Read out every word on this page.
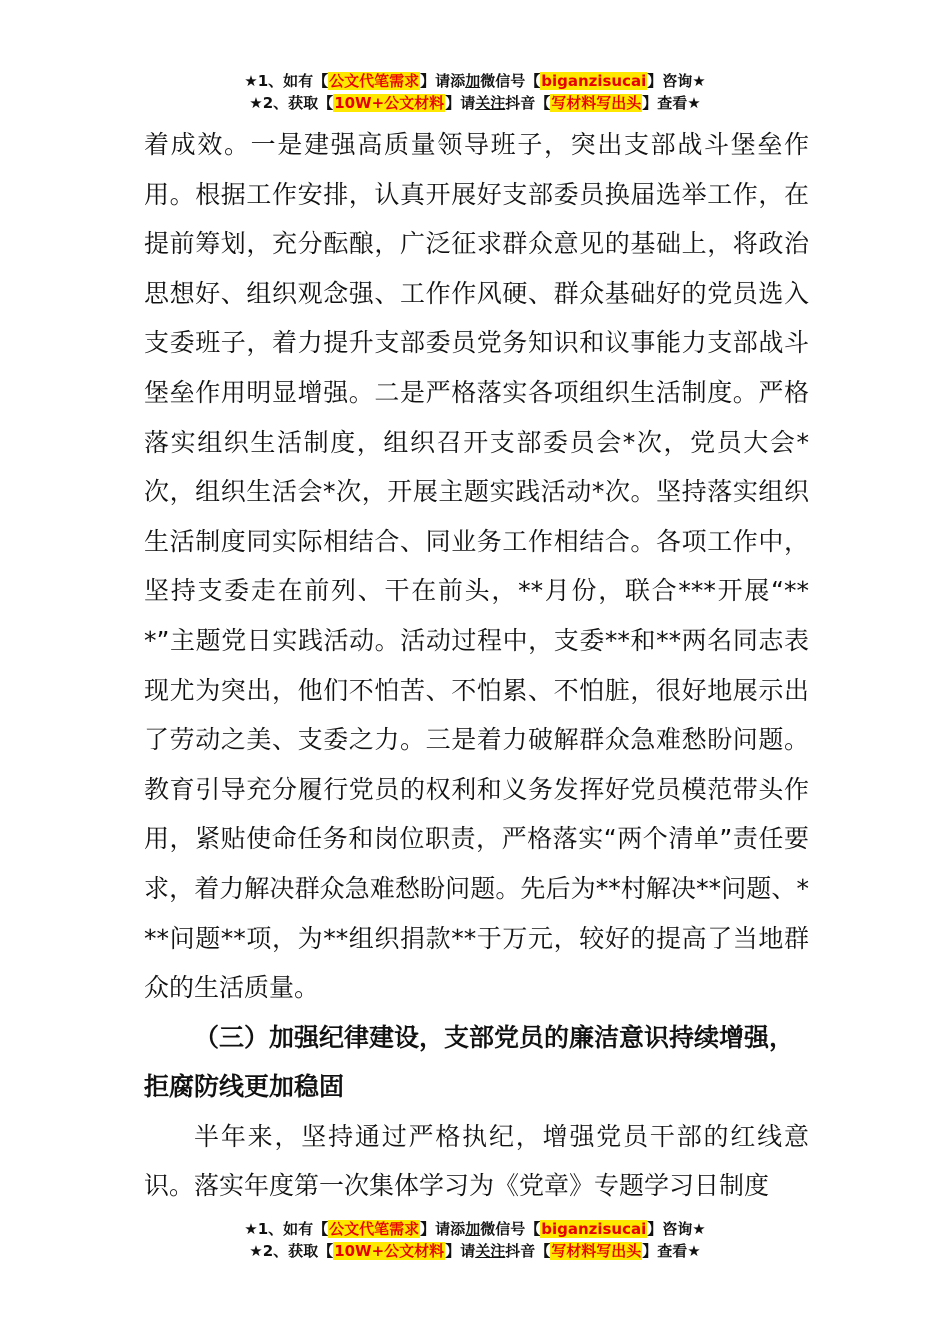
★1、如有【公文代笔需求】请添加微信号【biganzisucai】咨询★
★2、获取【10W+公文材料】请关注抖音【写材料写出头】查看★

着成效。一是建强高质量领导班子，突出支部战斗堡垒作用。根据工作安排，认真开展好支部委员换届选举工作，在提前筹划，充分酝酿，广泛征求群众意见的基础上，将政治思想好、组织观念强、工作作风硬、群众基础好的党员选入支委班子，着力提升支部委员党务知识和议事能力支部战斗堡垒作用明显增强。二是严格落实各项组织生活制度。严格落实组织生活制度，组织召开支部委员会*次，党员大会*次，组织生活会*次，开展主题实践活动*次。坚持落实组织生活制度同实际相结合、同业务工作相结合。各项工作中，坚持支委走在前列、干在前头，**月份，联合***开展“***”主题党日实践活动。活动过程中，支委**和**两名同志表现尤为突出，他们不怕苦、不怕累、不怕脏，很好地展示出了劳动之美、支委之力。三是着力破解群众急难愁盼问题。教育引导充分履行党员的权利和义务发挥好党员模范带头作用，紧贴使命任务和岗位职责，严格落实“两个清单”责任要求，着力解决群众急难愁盼问题。先后为**村解决**问题、***问题**项，为**组织捐款**于万元，较好的提高了当地群众的生活质量。

（三）加强纪律建设，支部党员的廉洁意识持续增强，拒腐防线更加稳固

半年来，坚持通过严格执纪，增强党员干部的红线意识。落实年度第一次集体学习为《党章》专题学习日制度

★1、如有【公文代笔需求】请添加微信号【biganzisucai】咨询★
★2、获取【10W+公文材料】请关注抖音【写材料写出头】查看★
